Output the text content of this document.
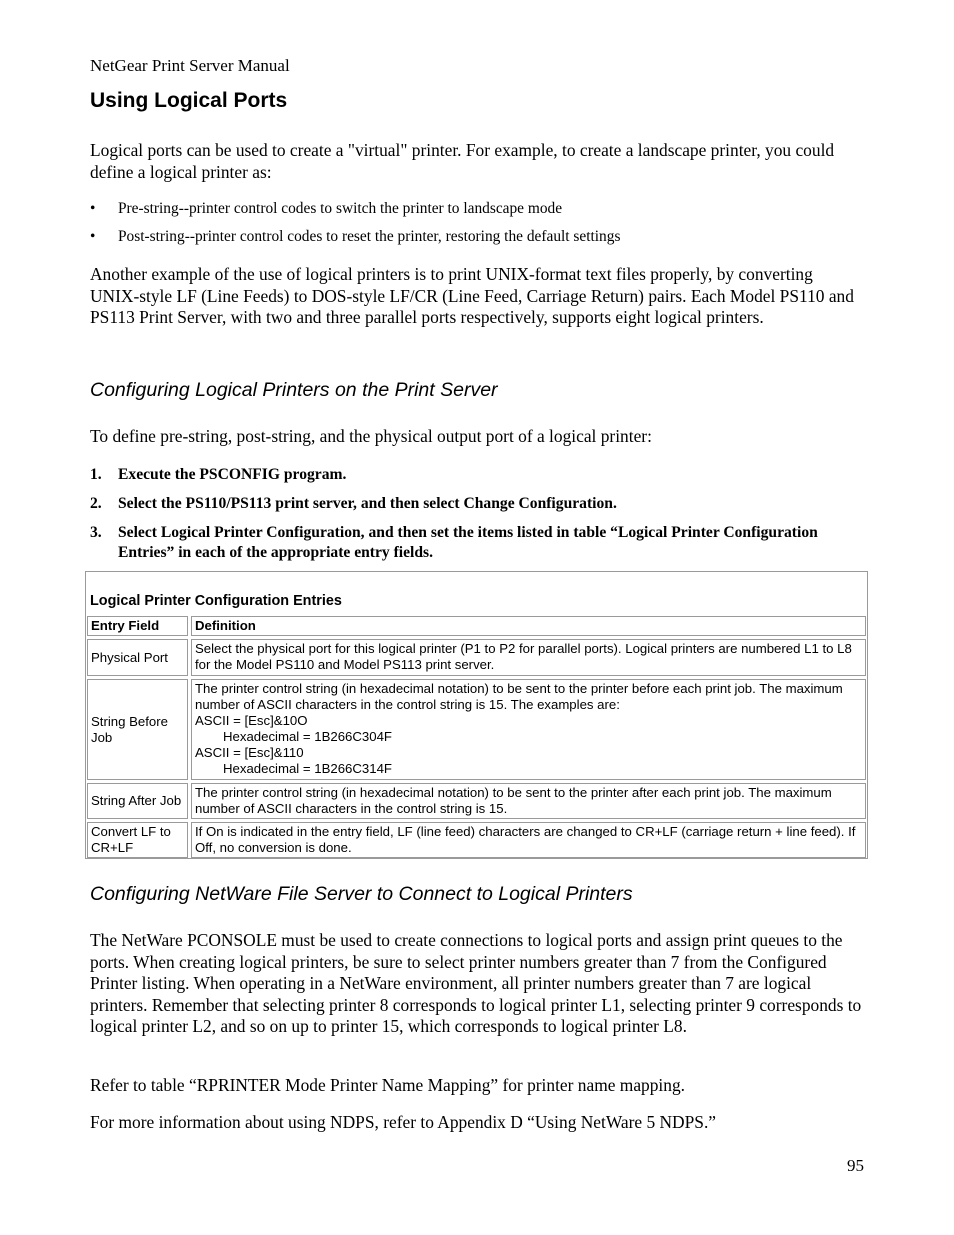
NetGear Print Server Manual
Using Logical Ports
Logical ports can be used to create a "virtual" printer. For example, to create a landscape printer, you could define a logical printer as:
• Pre-string--printer control codes to switch the printer to landscape mode
• Post-string--printer control codes to reset the printer, restoring the default settings
Another example of the use of logical printers is to print UNIX-format text files properly, by converting UNIX-style LF (Line Feeds) to DOS-style LF/CR (Line Feed, Carriage Return) pairs. Each Model PS110 and PS113 Print Server, with two and three parallel ports respectively, supports eight logical printers.
Configuring Logical Printers on the Print Server
To define pre-string, post-string, and the physical output port of a logical printer:
1. Execute the PSCONFIG program.
2. Select the PS110/PS113 print server, and then select Change Configuration.
3. Select Logical Printer Configuration, and then set the items listed in table “Logical Printer Configuration Entries” in each of the appropriate entry fields.
Logical Printer Configuration Entries
Entry Field	Definition
Physical Port
Select the physical port for this logical printer (P1 to P2 for parallel ports). Logical printers are numbered L1 to L8 for the Model PS110 and Model PS113 print server.
String Before Job
The printer control string (in hexadecimal notation) to be sent to the printer before each print job. The maximum number of ASCII characters in the control string is 15. The examples are:
ASCII = [Esc]&10O
Hexadecimal = 1B266C304F
ASCII = [Esc]&110
Hexadecimal = 1B266C314F
String After Job
The printer control string (in hexadecimal notation) to be sent to the printer after each print job. The maximum number of ASCII characters in the control string is 15.
Convert LF to CR+LF
If On is indicated in the entry field, LF (line feed) characters are changed to CR+LF (carriage return + line feed). If Off, no conversion is done.
Configuring NetWare File Server to Connect to Logical Printers
The NetWare PCONSOLE must be used to create connections to logical ports and assign print queues to the ports. When creating logical printers, be sure to select printer numbers greater than 7 from the Configured Printer listing. When operating in a NetWare environment, all printer numbers greater than 7 are logical printers. Remember that selecting printer 8 corresponds to logical printer L1, selecting printer 9 corresponds to logical printer L2, and so on up to printer 15, which corresponds to logical printer L8.
Refer to table “RPRINTER Mode Printer Name Mapping” for printer name mapping.
For more information about using NDPS, refer to Appendix D “Using NetWare 5 NDPS.”
95
